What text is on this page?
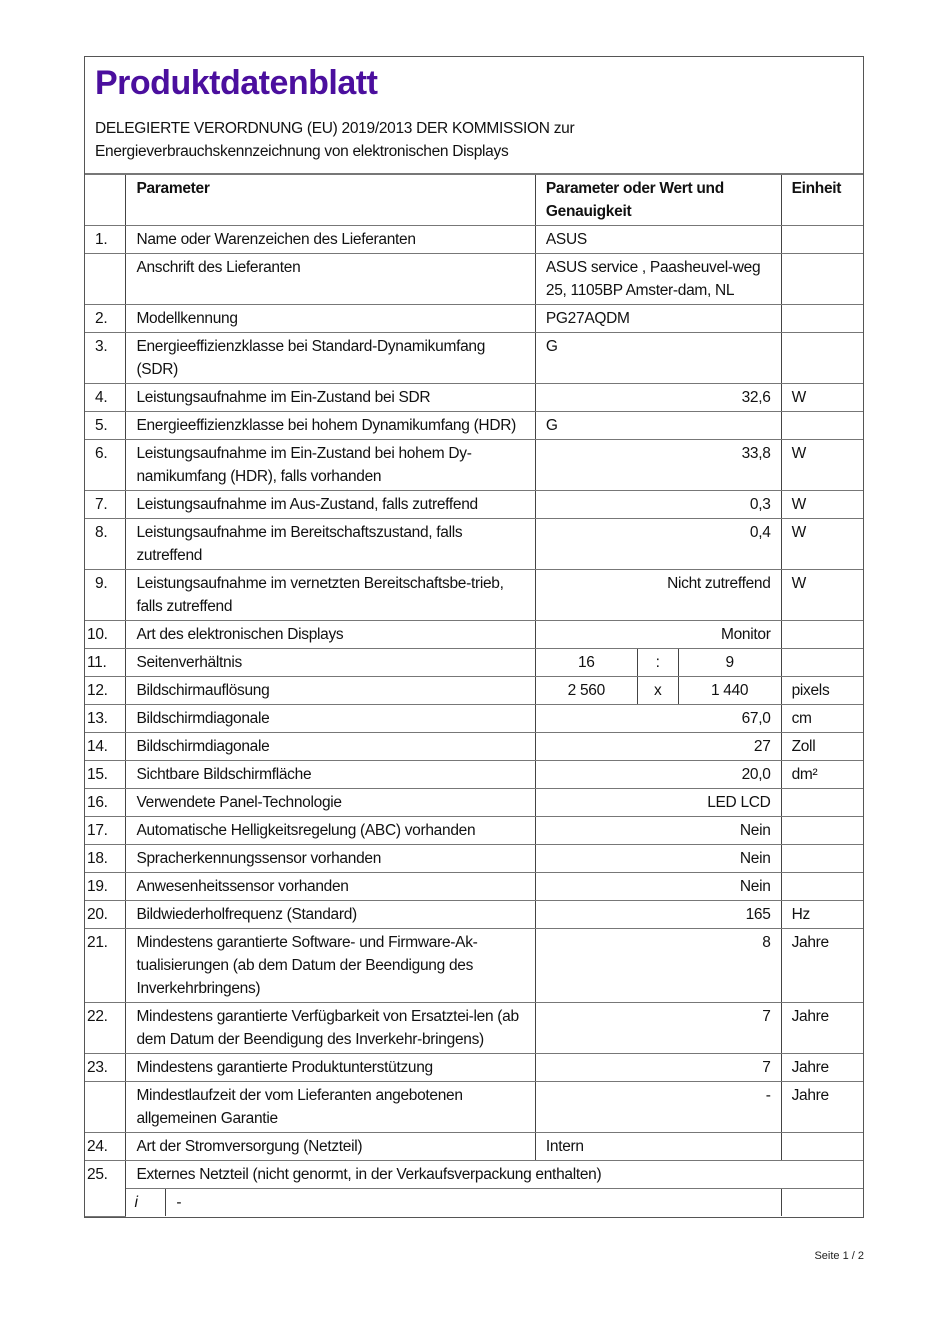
Produktdatenblatt
DELEGIERTE VERORDNUNG (EU) 2019/2013 DER KOMMISSION zur
Energieverbrauchskennzeichnung von elektronischen Displays
	Parameter		Parameter oder Wert und Genauigkeit			Einheit
1.	Name oder Warenzeichen des Lieferanten		ASUS			
	Anschrift des Lieferanten		ASUS service , Paasheuvel-weg 25, 1105BP Amster-dam, NL			
2.	Modellkennung		PG27AQDM			
3.	Energieeffizienzklasse bei Standard-Dynamikumfang (SDR)		G			
4.	Leistungsaufnahme im Ein-Zustand bei SDR		32,6			W
5.	Energieeffizienzklasse bei hohem Dynamikumfang (HDR)		G			
6.	Leistungsaufnahme im Ein-Zustand bei hohem Dy-namikumfang (HDR), falls vorhanden		33,8			W
7.	Leistungsaufnahme im Aus-Zustand, falls zutreffend		0,3			W
8.	Leistungsaufnahme im Bereitschaftszustand, falls zutreffend		0,4			W
9.	Leistungsaufnahme im vernetzten Bereitschaftsbe-trieb, falls zutreffend		Nicht zutreffend			W
10.	Art des elektronischen Displays		Monitor			
11.	Seitenverhältnis		16	:	9	
12.	Bildschirmauflösung		2 560	x	1 440	pixels
13.	Bildschirmdiagonale		67,0			cm
14.	Bildschirmdiagonale		27			Zoll
15.	Sichtbare Bildschirmfläche		20,0			dm²
16.	Verwendete Panel-Technologie		LED LCD			
17.	Automatische Helligkeitsregelung (ABC) vorhanden		Nein			
18.	Spracherkennungssensor vorhanden		Nein			
19.	Anwesenheitssensor vorhanden		Nein			
20.	Bildwiederholfrequenz (Standard)		165			Hz
21.	Mindestens garantierte Software- und Firmware-Ak-tualisierungen (ab dem Datum der Beendigung des Inverkehrbringens)		8			Jahre
22.	Mindestens garantierte Verfügbarkeit von Ersatztei-len (ab dem Datum der Beendigung des Inverkehr-bringens)		7			Jahre
23.	Mindestens garantierte Produktunterstützung		7			Jahre
	Mindestlaufzeit der vom Lieferanten angebotenen allgemeinen Garantie		-			Jahre
24.	Art der Stromversorgung (Netzteil)		Intern			
25.	Externes Netzteil (nicht genormt, in der Verkaufsverpackung enthalten)					
	i	-				
Seite 1 / 2
